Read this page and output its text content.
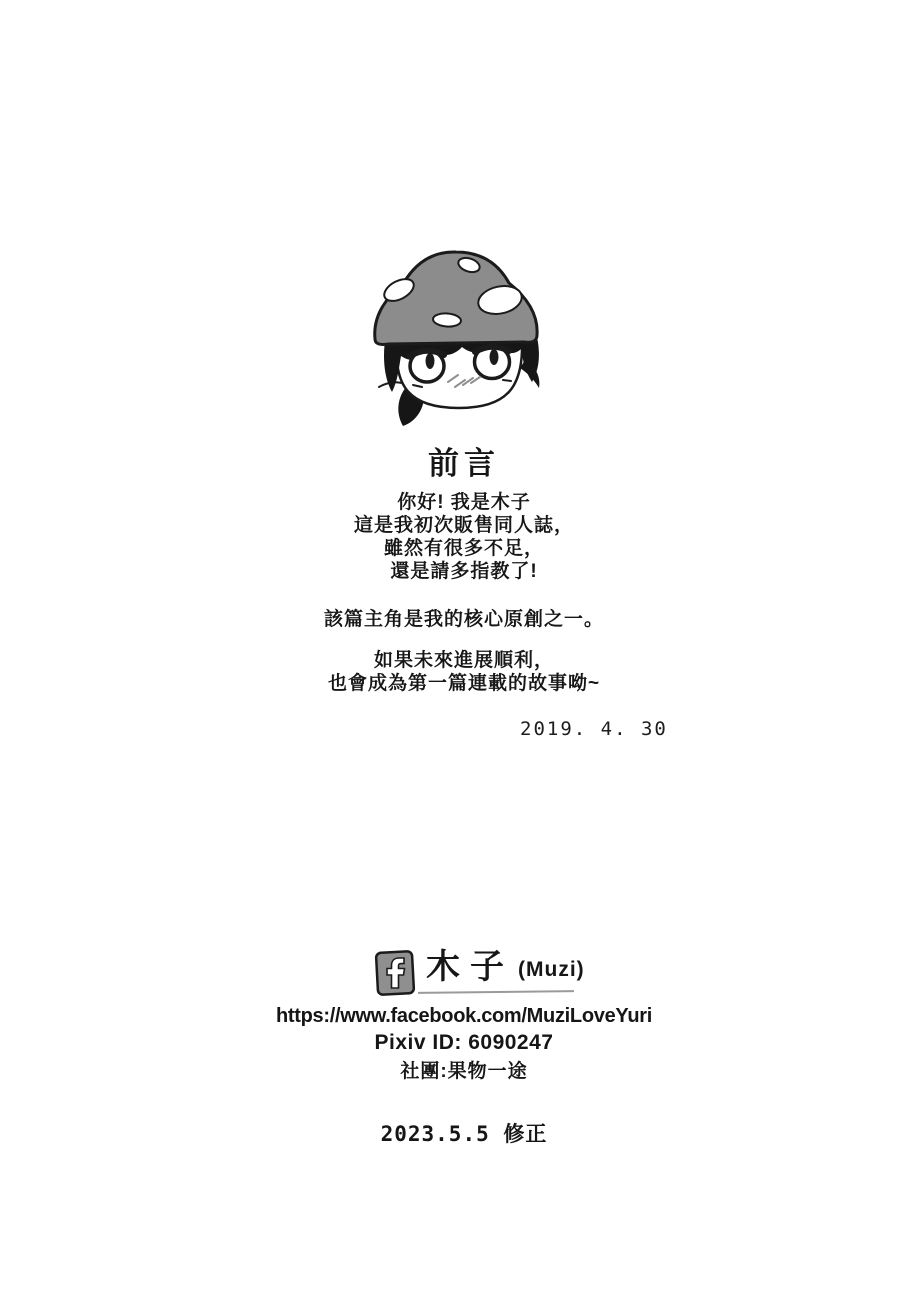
前言
你好! 我是木子
這是我初次販售同人誌，
雖然有很多不足，
還是請多指教了!
該篇主角是我的核心原創之一。
如果未來進展順利，
也會成為第一篇連載的故事呦~
2019. 4. 30
木子 (Muzi)
https://www.facebook.com/MuziLoveYuri
Pixiv ID: 6090247
社團:果物一途
2023.5.5 修正
